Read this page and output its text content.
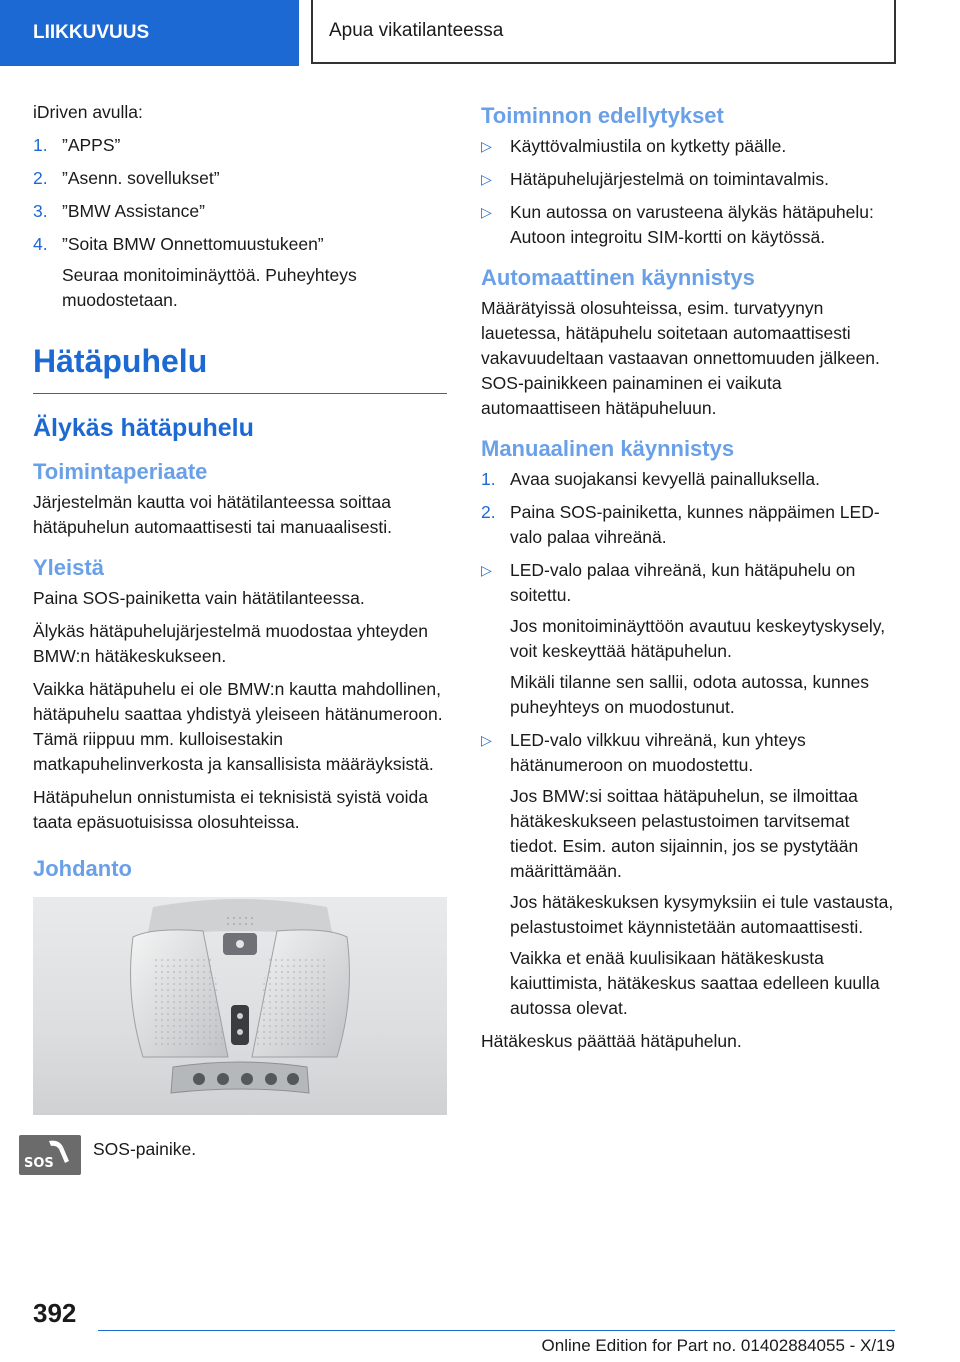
LIIKKUVUUS	Apua vikatilanteessa

iDriven avulla:

1. ”APPS”
2. ”Asenn. sovellukset”
3. ”BMW Assistance”
4. ”Soita BMW Onnettomuustukeen”
Seuraa monitoiminäyttöä. Puheyhteys muodostetaan.
Hätäpuhelu
Älykäs hätäpuhelu
Toimintaperiaate

Järjestelmän kautta voi hätätilanteessa soittaa hätäpuhelun automaattisesti tai manuaalisesti.

Yleistä

Paina SOS-painiketta vain hätätilanteessa.

Älykäs hätäpuhelujärjestelmä muodostaa yhteyden BMW:n hätäkeskukseen.

Vaikka hätäpuhelu ei ole BMW:n kautta mahdollinen, hätäpuhelu saattaa yhdistyä yleiseen hätänumeroon. Tämä riippuu mm. kulloisestakin matkapuhelinverkosta ja kansallisista määräyksistä.

Hätäpuhelun onnistumista ei teknisistä syistä voida taata epäsuotuisissa olosuhteissa.

Johdanto
SOS
SOS-painike.
Toiminnon edellytykset
▷ Käyttövalmiustila on kytketty päälle.
▷ Hätäpuhelujärjestelmä on toimintavalmis.
▷ Kun autossa on varusteena älykäs hätäpuhelu: Autoon integroitu SIM-kortti on käytössä.
Automaattinen käynnistys

Määrätyissä olosuhteissa, esim. turvatyynyn lauetessa, hätäpuhelu soitetaan automaattisesti vakavuudeltaan vastaavan onnettomuuden jälkeen. SOS-painikkeen painaminen ei vaikuta automaattiseen hätäpuheluun.

Manuaalinen käynnistys
1. Avaa suojakansi kevyellä painalluksella.
2. Paina SOS-painiketta, kunnes näppäimen LED-valo palaa vihreänä.
▷ LED-valo palaa vihreänä, kun hätäpuhelu on soitettu.
Jos monitoiminäyttöön avautuu keskeytyskysely, voit keskeyttää hätäpuhelun.
Mikäli tilanne sen sallii, odota autossa, kunnes puheyhteys on muodostunut.
▷ LED-valo vilkkuu vihreänä, kun yhteys hätänumeroon on muodostettu.
Jos BMW:si soittaa hätäpuhelun, se ilmoittaa hätäkeskukseen pelastustoimen tarvitsemat tiedot. Esim. auton sijainnin, jos se pystytään määrittämään.
Jos hätäkeskuksen kysymyksiin ei tule vastausta, pelastustoimet käynnistetään automaattisesti.
Vaikka et enää kuulisikaan hätäkeskusta kaiuttimista, hätäkeskus saattaa edelleen kuulla autossa olevat.

Hätäkeskus päättää hätäpuhelun.

392
Online Edition for Part no. 01402884055 - X/19
